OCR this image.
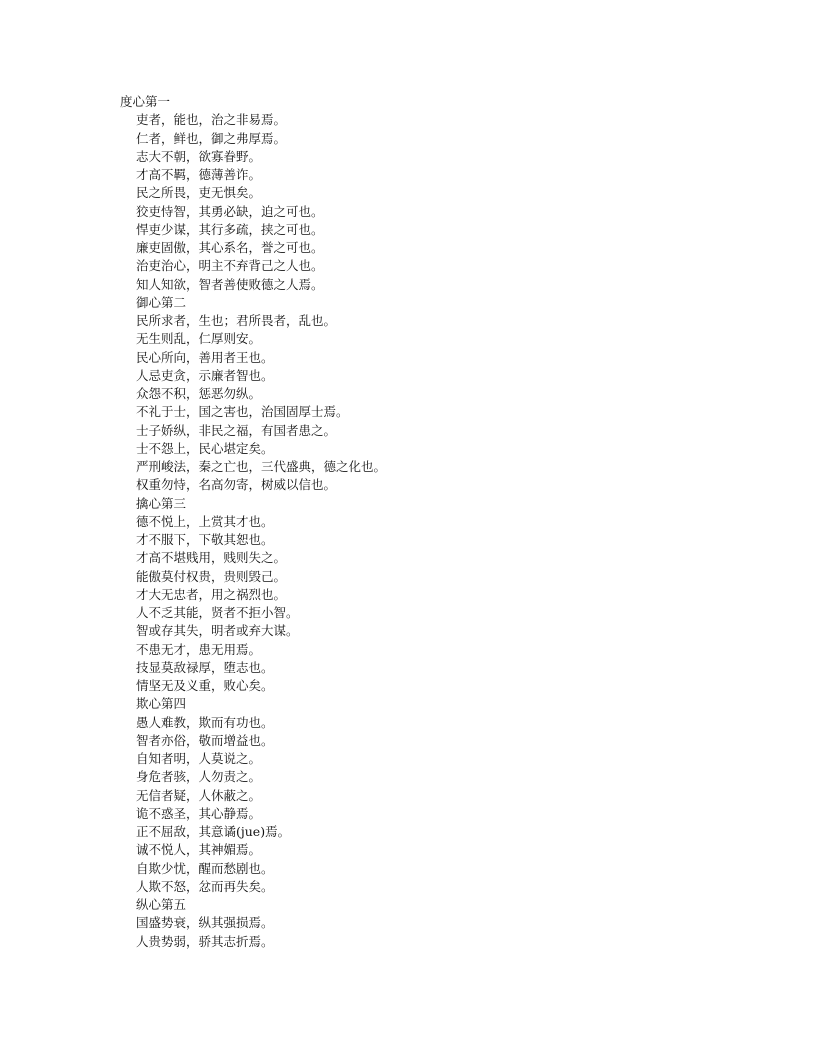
度心第一
吏者，能也，治之非易焉。
仁者，鲜也，御之弗厚焉。
志大不朝，欲寡眷野。
才高不羁，德薄善诈。
民之所畏，吏无惧矣。
狡吏恃智，其勇必缺，迫之可也。
悍吏少谋，其行多疏，挟之可也。
廉吏固傲，其心系名，誉之可也。
治吏治心，明主不弃背己之人也。
知人知欲，智者善使败德之人焉。
御心第二
民所求者，生也；君所畏者，乱也。
无生则乱，仁厚则安。
民心所向，善用者王也。
人忌吏贪，示廉者智也。
众怨不积，惩恶勿纵。
不礼于士，国之害也，治国固厚士焉。
士子娇纵，非民之福，有国者患之。
士不怨上，民心堪定矣。
严刑峻法，秦之亡也，三代盛典，德之化也。
权重勿恃，名高勿寄，树威以信也。
擒心第三
德不悦上，上赏其才也。
才不服下，下敬其恕也。
才高不堪贱用，贱则失之。
能傲莫付权贵，贵则毁己。
才大无忠者，用之祸烈也。
人不乏其能，贤者不拒小智。
智或存其失，明者或弃大谋。
不患无才，患无用焉。
技显莫敌禄厚，堕志也。
情坚无及义重，败心矣。
欺心第四
愚人难教，欺而有功也。
智者亦俗，敬而增益也。
自知者明，人莫说之。
身危者骇，人勿责之。
无信者疑，人休蔽之。
诡不惑圣，其心静焉。
正不屈敌，其意谲(jue)焉。
诚不悦人，其神媚焉。
自欺少忧，醒而愁剧也。
人欺不怒，忿而再失矣。
纵心第五
国盛势衰，纵其强损焉。
人贵势弱，骄其志折焉。
